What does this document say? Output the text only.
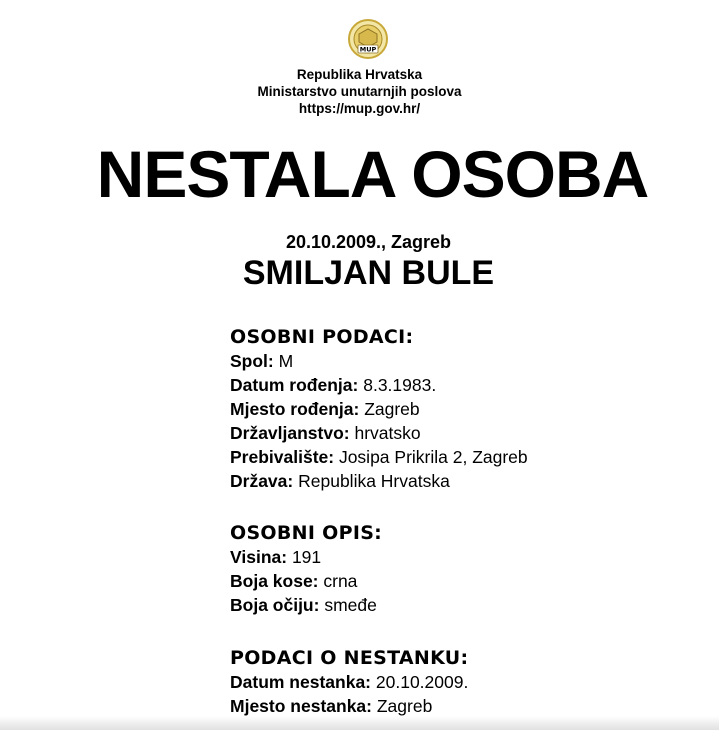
MUP
Republika Hrvatska
Ministarstvo unutarnjih poslova
https://mup.gov.hr/
NESTALA OSOBA
20.10.2009., Zagreb
SMILJAN BULE
OSOBNI PODACI:
Spol: M
Datum rođenja: 8.3.1983.
Mjesto rođenja: Zagreb
Državljanstvo: hrvatsko
Prebivalište: Josipa Prikrila 2, Zagreb
Država: Republika Hrvatska
OSOBNI OPIS:
Visina: 191
Boja kose: crna
Boja očiju: smeđe
PODACI O NESTANKU:
Datum nestanka: 20.10.2009.
Mjesto nestanka: Zagreb
